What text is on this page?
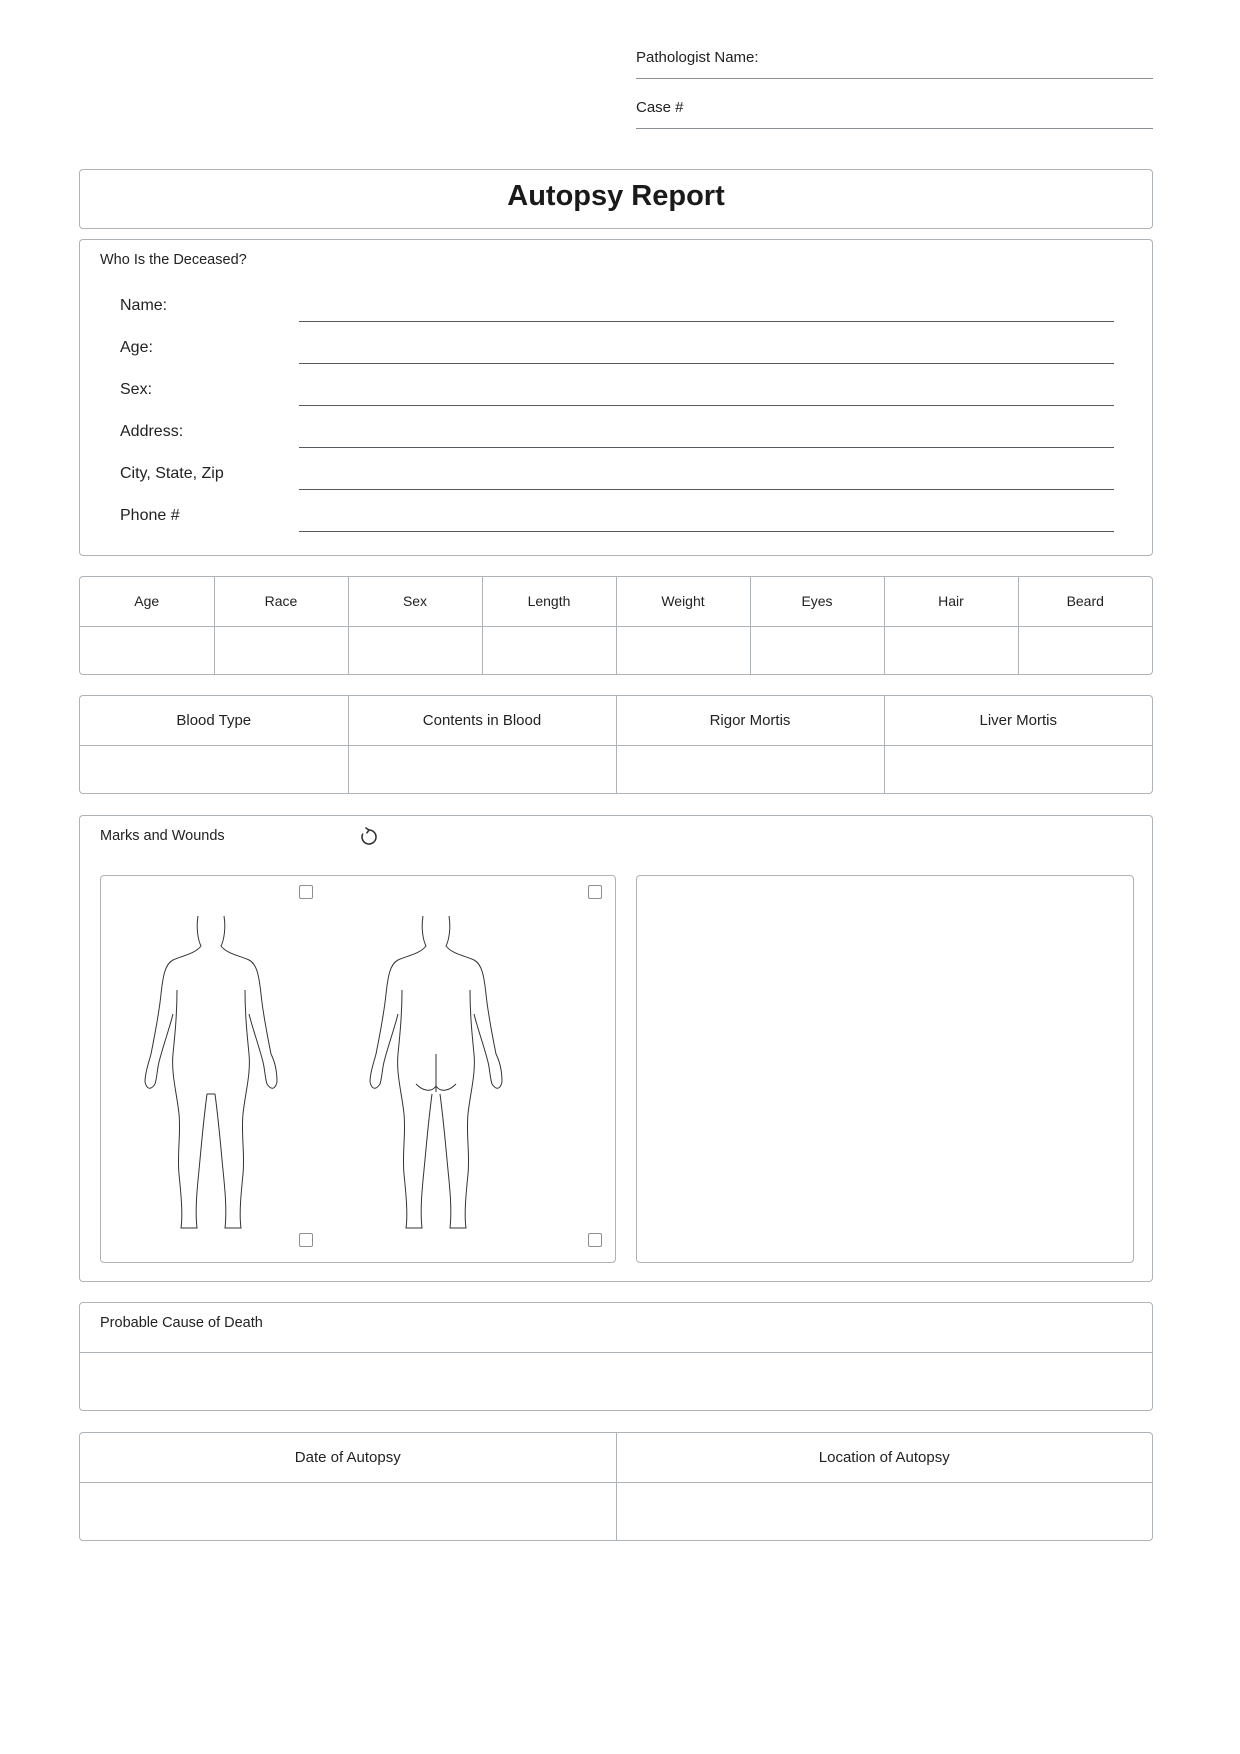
Pathologist Name:
Case #
Autopsy Report
Who Is the Deceased?
Name:
Age:
Sex:
Address:
City, State, Zip
Phone #
Age	Race	Sex	Length	Weight	Eyes	Hair	Beard

Blood Type	Contents in Blood	Rigor Mortis	Liver Mortis

Marks and Wounds
Probable Cause of Death
Date of Autopsy	Location of Autopsy
